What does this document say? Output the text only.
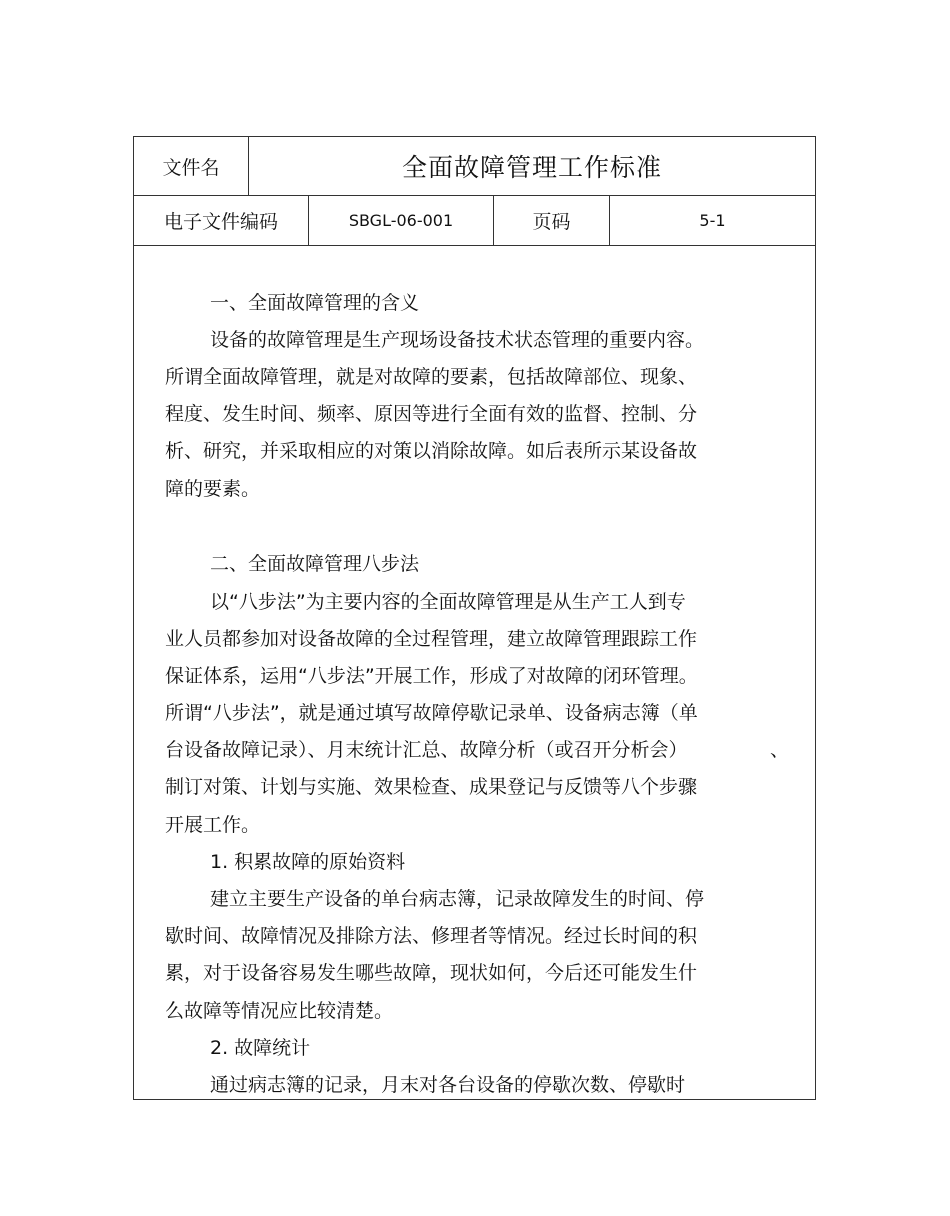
文件名	全面故障管理工作标准
电子文件编码	SBGL-06-001	页码	5-1
一、全面故障管理的含义
设备的故障管理是生产现场设备技术状态管理的重要内容。
所谓全面故障管理，就是对故障的要素，包括故障部位、现象、
程度、发生时间、频率、原因等进行全面有效的监督、控制、分
析、研究，并采取相应的对策以消除故障。如后表所示某设备故
障的要素。
二、全面故障管理八步法
以“八步法”为主要内容的全面故障管理是从生产工人到专
业人员都参加对设备故障的全过程管理，建立故障管理跟踪工作
保证体系，运用“八步法”开展工作，形成了对故障的闭环管理。
所谓“八步法”，就是通过填写故障停歇记录单、设备病志簿（单
台设备故障记录）、月末统计汇总、故障分析（或召开分析会）	、
制订对策、计划与实施、效果检查、成果登记与反馈等八个步骤
开展工作。
1. 积累故障的原始资料
建立主要生产设备的单台病志簿，记录故障发生的时间、停
歇时间、故障情况及排除方法、修理者等情况。经过长时间的积
累，对于设备容易发生哪些故障，现状如何，今后还可能发生什
么故障等情况应比较清楚。
2. 故障统计
通过病志簿的记录，月末对各台设备的停歇次数、停歇时
